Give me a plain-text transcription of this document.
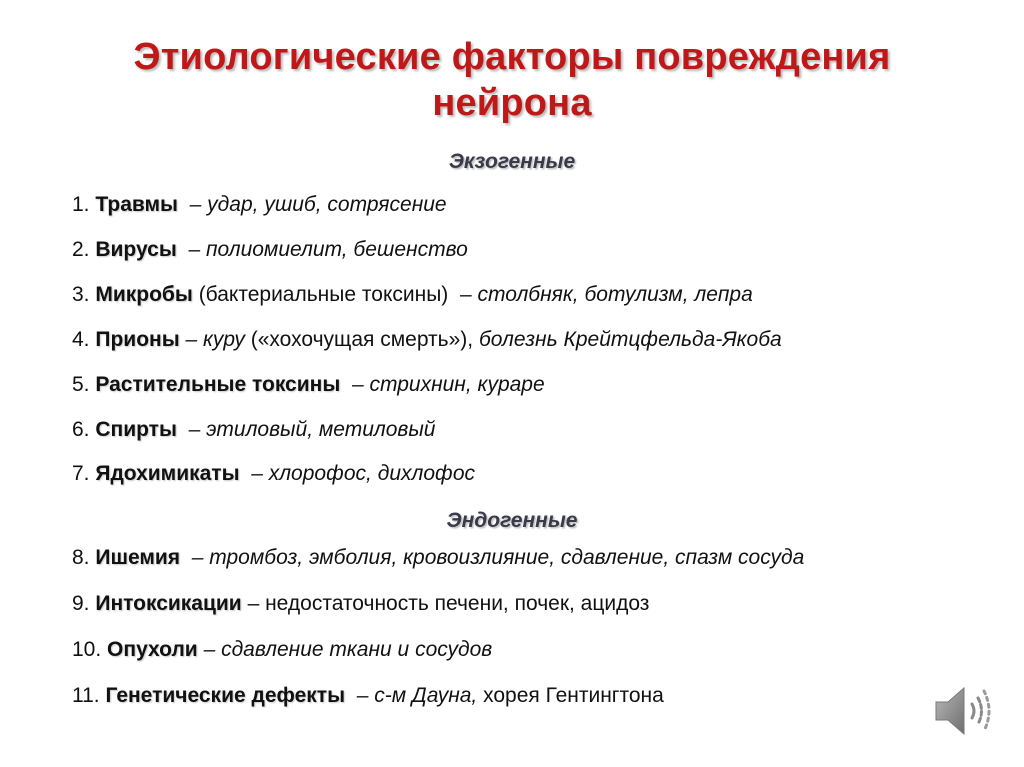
Этиологические факторы повреждения
нейрона
Экзогенные
1. Травмы – удар, ушиб, сотрясение
2. Вирусы – полиомиелит, бешенство
3. Микробы (бактериальные токсины) – столбняк, ботулизм, лепра
4. Прионы – куру («хохочущая смерть»), болезнь Крейтцфельда-Якоба
5. Растительные токсины – стрихнин, кураре
6. Спирты – этиловый, метиловый
7. Ядохимикаты – хлорофос, дихлофос
Эндогенные
8. Ишемия – тромбоз, эмболия, кровоизлияние, сдавление, спазм сосуда
9. Интоксикации – недостаточность печени, почек, ацидоз
10. Опухоли – сдавление ткани и сосудов
11. Генетические дефекты – с-м Дауна, хорея Гентингтона
